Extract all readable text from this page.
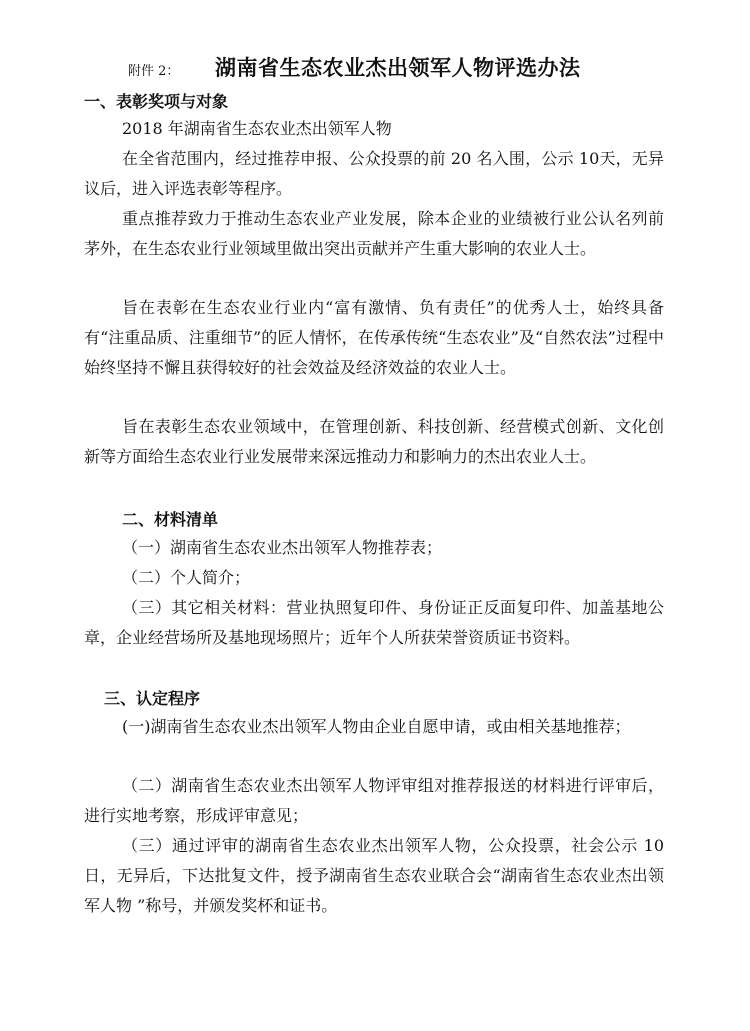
附件 2： 湖南省生态农业杰出领军人物评选办法
一、表彰奖项与对象
2018 年湖南省生态农业杰出领军人物
在全省范围内，经过推荐申报、公众投票的前 20 名入围，公示 10天，无异议后，进入评选表彰等程序。
重点推荐致力于推动生态农业产业发展，除本企业的业绩被行业公认名列前茅外，在生态农业行业领域里做出突出贡献并产生重大影响的农业人士。
旨在表彰在生态农业行业内“富有激情、负有责任”的优秀人士，始终具备有“注重品质、注重细节”的匠人情怀，在传承传统“生态农业”及“自然农法”过程中始终坚持不懈且获得较好的社会效益及经济效益的农业人士。
旨在表彰生态农业领域中，在管理创新、科技创新、经营模式创新、文化创新等方面给生态农业行业发展带来深远推动力和影响力的杰出农业人士。
二、材料清单
（一）湖南省生态农业杰出领军人物推荐表；
（二）个人简介；
（三）其它相关材料：营业执照复印件、身份证正反面复印件、加盖基地公章，企业经营场所及基地现场照片；近年个人所获荣誉资质证书资料。
三、认定程序
(一)湖南省生态农业杰出领军人物由企业自愿申请，或由相关基地推荐；
（二）湖南省生态农业杰出领军人物评审组对推荐报送的材料进行评审后，进行实地考察，形成评审意见；
（三）通过评审的湖南省生态农业杰出领军人物，公众投票，社会公示 10 日，无异后，下达批复文件，授予湖南省生态农业联合会“湖南省生态农业杰出领军人物 ”称号，并颁发奖杯和证书。
